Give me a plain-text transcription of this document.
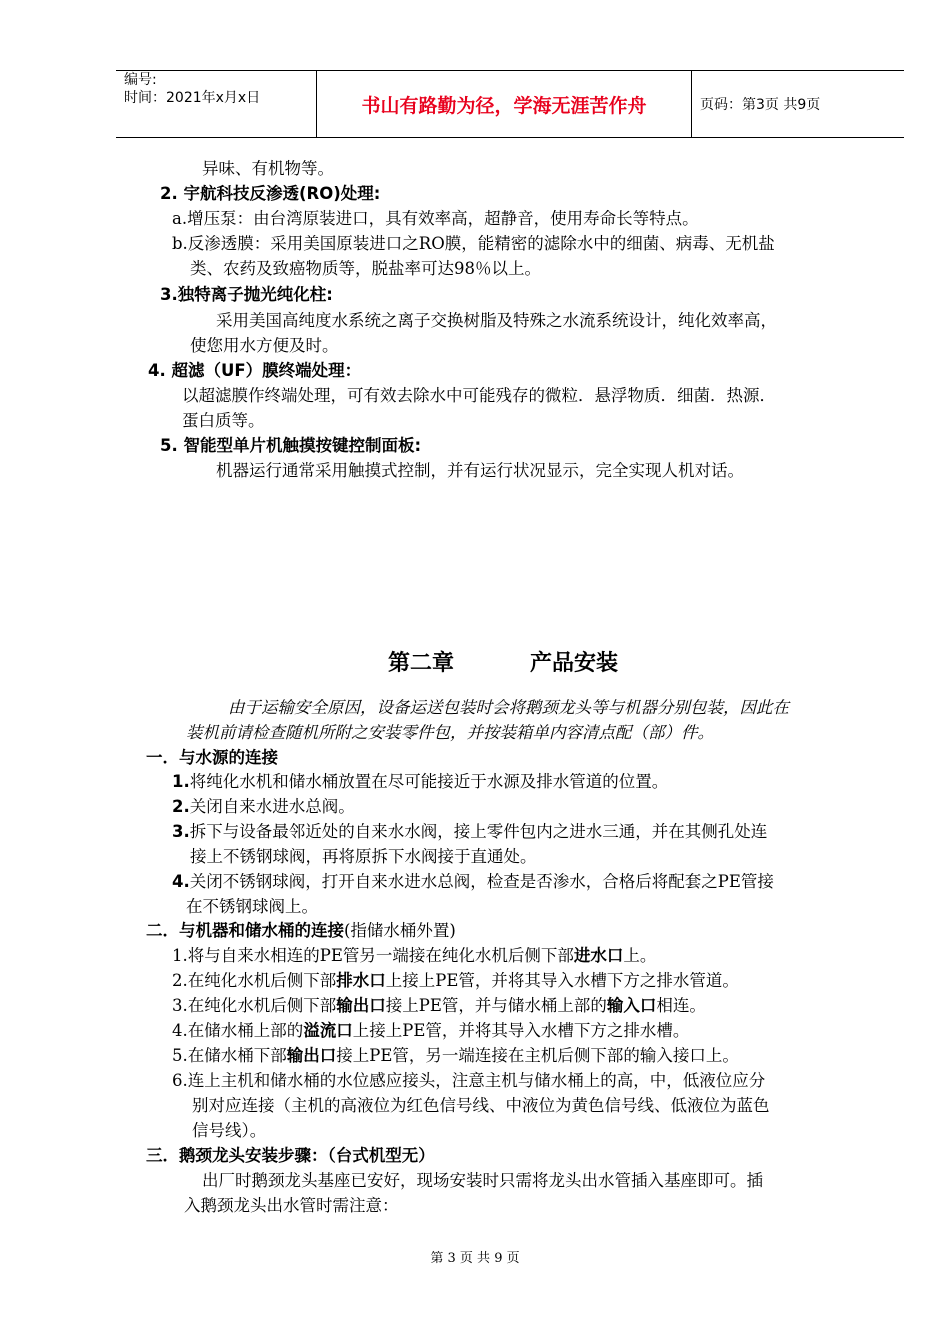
编号:
时间：2021年x月x日	书山有路勤为径，学海无涯苦作舟	页码：第3页 共9页
异味、有机物等。
2. 宇航科技反渗透(RO)处理:
a.增压泵：由台湾原装进口，具有效率高，超静音，使用寿命长等特点。
b.反渗透膜：采用美国原装进口之RO膜，能精密的滤除水中的细菌、病毒、无机盐
类、农药及致癌物质等，脱盐率可达98％以上。
3.独特离子抛光纯化柱:
采用美国高纯度水系统之离子交换树脂及特殊之水流系统设计，纯化效率高，
使您用水方便及时。
4. 超滤（UF）膜终端处理：
以超滤膜作终端处理，可有效去除水中可能残存的微粒．悬浮物质．细菌．热源．
蛋白质等。
5. 智能型单片机触摸按键控制面板:
机器运行通常采用触摸式控制，并有运行状况显示，完全实现人机对话。
第二章	产品安装
由于运输安全原因，设备运送包装时会将鹅颈龙头等与机器分别包装，因此在
装机前请检查随机所附之安装零件包，并按装箱单内容清点配（部）件。
一．与水源的连接
1.将纯化水机和储水桶放置在尽可能接近于水源及排水管道的位置。
2.关闭自来水进水总阀。
3.拆下与设备最邻近处的自来水水阀，接上零件包内之进水三通，并在其侧孔处连
接上不锈钢球阀，再将原拆下水阀接于直通处。
4.关闭不锈钢球阀，打开自来水进水总阀，检查是否渗水，合格后将配套之PE管接
在不锈钢球阀上。
二．与机器和储水桶的连接(指储水桶外置)
1.将与自来水相连的PE管另一端接在纯化水机后侧下部进水口上。
2.在纯化水机后侧下部排水口上接上PE管，并将其导入水槽下方之排水管道。
3.在纯化水机后侧下部输出口接上PE管，并与储水桶上部的输入口相连。
4.在储水桶上部的溢流口上接上PE管，并将其导入水槽下方之排水槽。
5.在储水桶下部输出口接上PE管，另一端连接在主机后侧下部的输入接口上。
6.连上主机和储水桶的水位感应接头，注意主机与储水桶上的高，中，低液位应分
别对应连接（主机的高液位为红色信号线、中液位为黄色信号线、低液位为蓝色
信号线）。
三．鹅颈龙头安装步骤：（台式机型无）
出厂时鹅颈龙头基座已安好，现场安装时只需将龙头出水管插入基座即可。插
入鹅颈龙头出水管时需注意：
第 3 页 共 9 页
